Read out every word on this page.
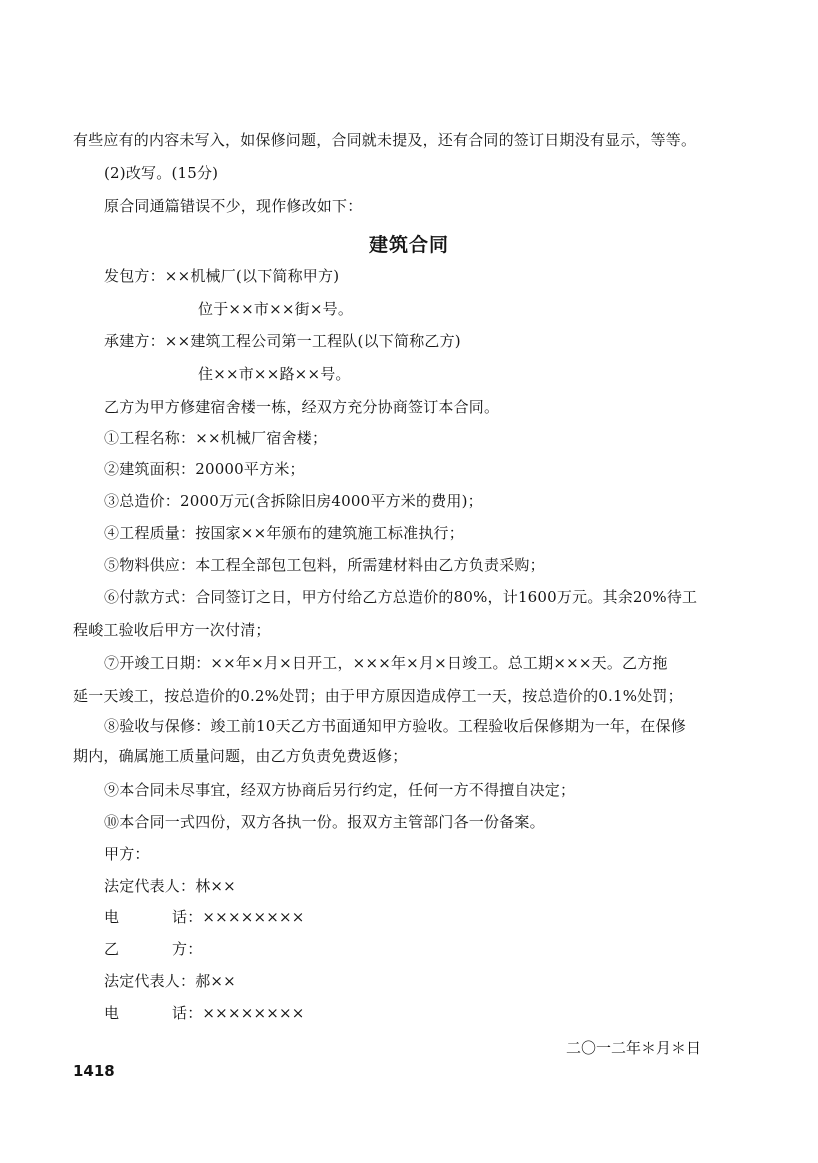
有些应有的内容未写入，如保修问题，合同就未提及，还有合同的签订日期没有显示，等等。
(2)改写。(15分)
原合同通篇错误不少，现作修改如下：
建筑合同
发包方：××机械厂(以下简称甲方)
位于××市××街×号。
承建方：××建筑工程公司第一工程队(以下简称乙方)
住××市××路××号。
乙方为甲方修建宿舍楼一栋，经双方充分协商签订本合同。
①工程名称：××机械厂宿舍楼；
②建筑面积：20000平方米；
③总造价：2000万元(含拆除旧房4000平方米的费用)；
④工程质量：按国家××年颁布的建筑施工标准执行；
⑤物料供应：本工程全部包工包料，所需建材料由乙方负责采购；
⑥付款方式：合同签订之日，甲方付给乙方总造价的80%，计1600万元。其余20%待工
程峻工验收后甲方一次付清；
⑦开竣工日期：××年×月×日开工，×××年×月×日竣工。总工期×××天。乙方拖
延一天竣工，按总造价的0.2%处罚；由于甲方原因造成停工一天，按总造价的0.1%处罚；
⑧验收与保修：竣工前10天乙方书面通知甲方验收。工程验收后保修期为一年，在保修
期内，确属施工质量问题，由乙方负责免费返修；
⑨本合同未尽事宜，经双方协商后另行约定，任何一方不得擅自决定；
⑩本合同一式四份，双方各执一份。报双方主管部门各一份备案。
甲方：
法定代表人：林××
电	话：××××××××
乙	方：
法定代表人：郝××
电	话：××××××××
二〇一二年＊月＊日
1418
